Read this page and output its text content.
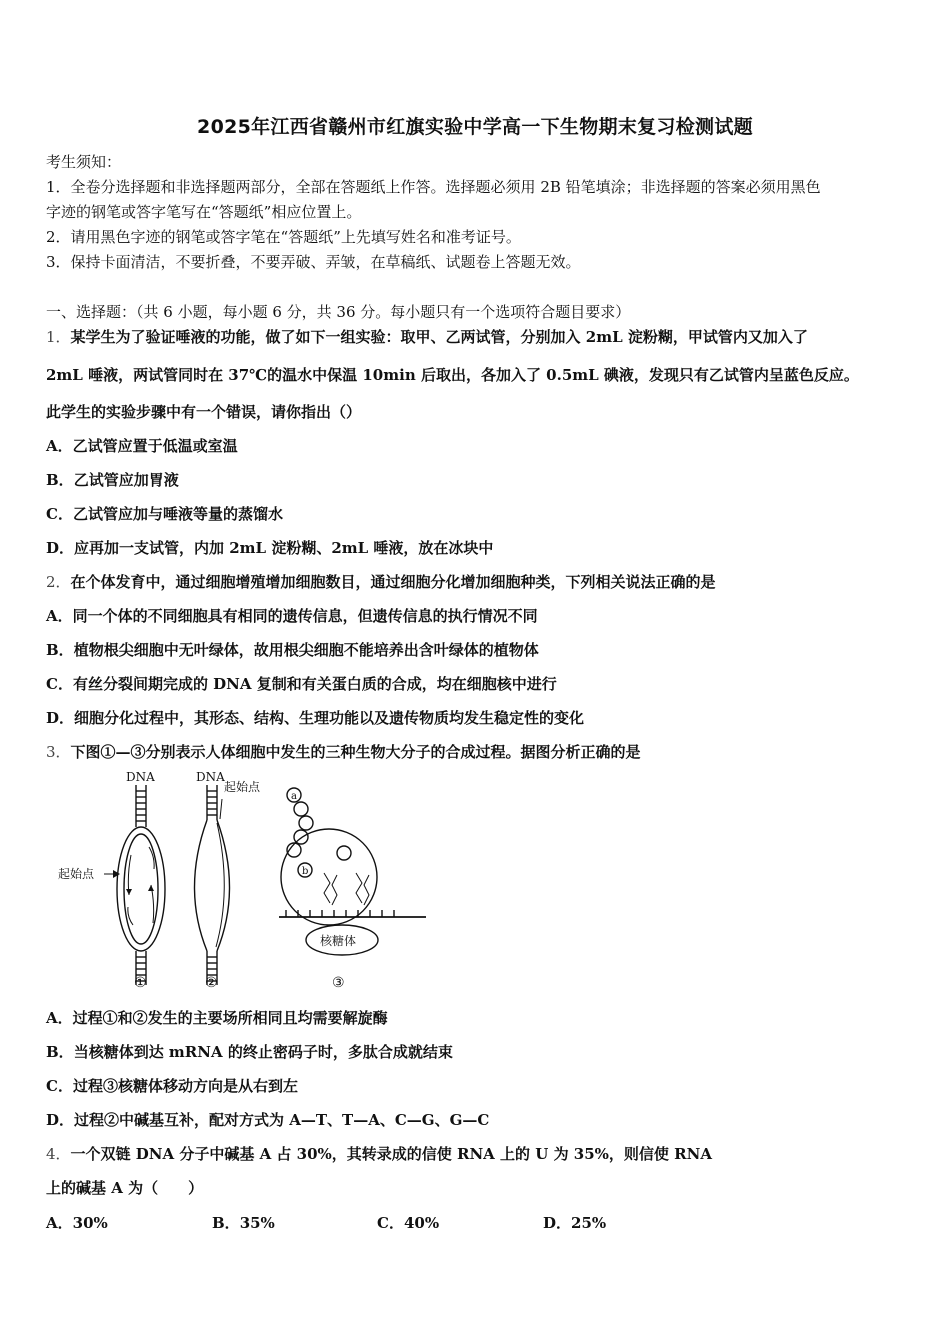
2025年江西省赣州市红旗实验中学高一下生物期末复习检测试题
考生须知：
1．全卷分选择题和非选择题两部分，全部在答题纸上作答。选择题必须用 2B 铅笔填涂；非选择题的答案必须用黑色
字迹的钢笔或答字笔写在“答题纸”相应位置上。
2．请用黑色字迹的钢笔或答字笔在“答题纸”上先填写姓名和准考证号。
3．保持卡面清洁，不要折叠，不要弄破、弄皱，在草稿纸、试题卷上答题无效。
一、选择题：（共 6 小题，每小题 6 分，共 36 分。每小题只有一个选项符合题目要求）
1．某学生为了验证唾液的功能，做了如下一组实验：取甲、乙两试管，分别加入 2mL 淀粉糊，甲试管内又加入了
2mL 唾液，两试管同时在 37℃的温水中保温 10min 后取出，各加入了 0.5mL 碘液，发现只有乙试管内呈蓝色反应。
此学生的实验步骤中有一个错误，请你指出（）
A．乙试管应置于低温或室温
B．乙试管应加胃液
C．乙试管应加与唾液等量的蒸馏水
D．应再加一支试管，内加 2mL 淀粉糊、2mL 唾液，放在冰块中
2．在个体发育中，通过细胞增殖增加细胞数目，通过细胞分化增加细胞种类，下列相关说法正确的是
A．同一个体的不同细胞具有相同的遗传信息，但遗传信息的执行情况不同
B．植物根尖细胞中无叶绿体，故用根尖细胞不能培养出含叶绿体的植物体
C．有丝分裂间期完成的 DNA 复制和有关蛋白质的合成，均在细胞核中进行
D．细胞分化过程中，其形态、结构、生理功能以及遗传物质均发生稳定性的变化
3．下图①—③分别表示人体细胞中发生的三种生物大分子的合成过程。据图分析正确的是
DNA	DNA
起始点
起始点
核糖体
a
b
①	②	③
A．过程①和②发生的主要场所相同且均需要解旋酶
B．当核糖体到达 mRNA 的终止密码子时，多肽合成就结束
C．过程③核糖体移动方向是从右到左
D．过程②中碱基互补，配对方式为 A—T、T—A、C—G、G—C
4．一个双链 DNA 分子中碱基 A 占 30%，其转录成的信使 RNA 上的 U 为 35%，则信使 RNA
上的碱基 A 为（　　）
A．30%	B．35%	C．40%	D．25%
